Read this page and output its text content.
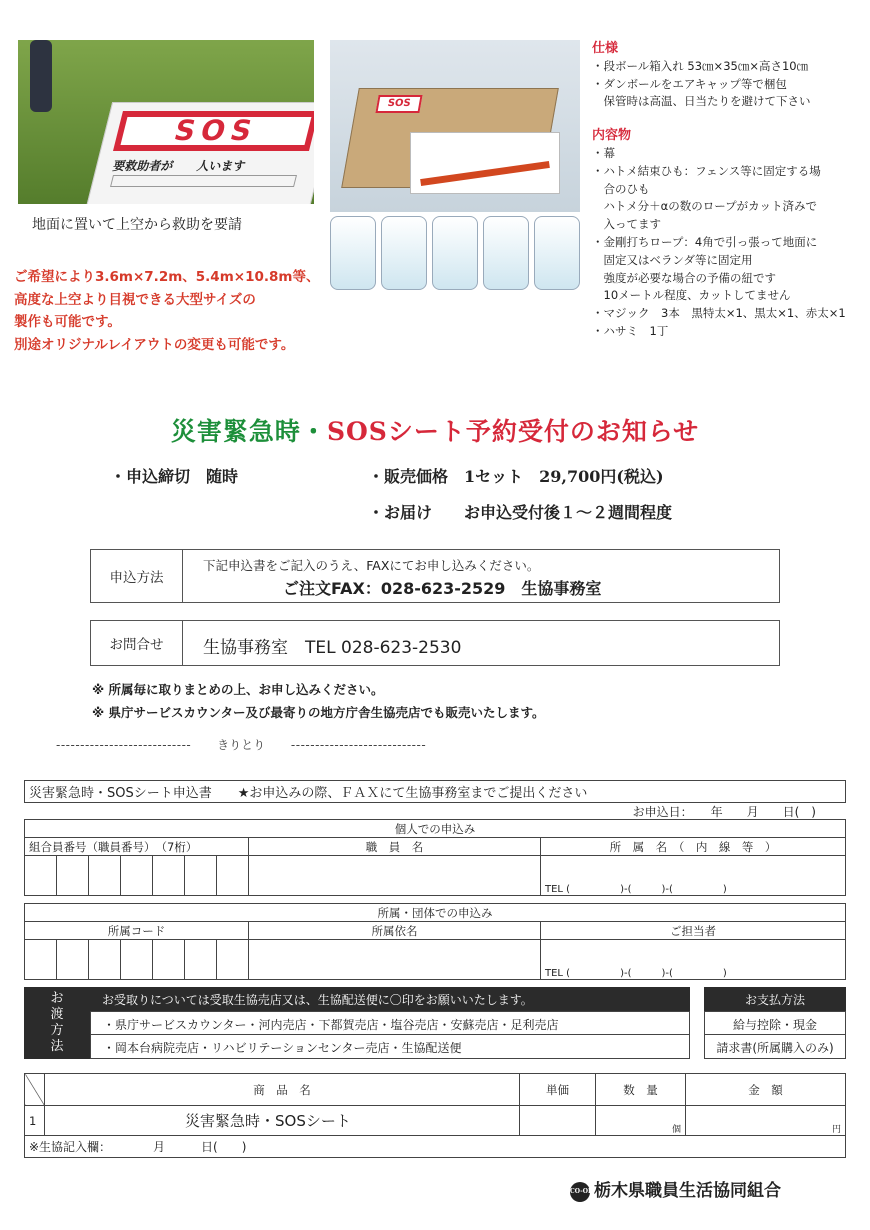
SOS
要救助者が　　人います
地面に置いて上空から救助を要請
ご希望により3.6m×7.2m、5.4m×10.8m等、
高度な上空より目視できる大型サイズの
製作も可能です。
別途オリジナルレイアウトの変更も可能です。
SOS
仕様
・段ボール箱入れ 53㎝×35㎝×高さ10㎝
・ダンボールをエアキャップ等で梱包
　保管時は高温、日当たりを避けて下さい
内容物
・幕
・ハトメ結束ひも：フェンス等に固定する場
　合のひも
　ハトメ分＋αの数のロープがカット済みで
　入ってます
・金剛打ちロープ：4角で引っ張って地面に
　固定又はベランダ等に固定用
　強度が必要な場合の予備の紐です
　10メートル程度、カットしてません
・マジック　3本　黒特太×1、黒太×1、赤太×1
・ハサミ　1丁
災害緊急時・SOSシート予約受付のお知らせ
・申込締切　随時	・販売価格　1セット　29,700円(税込)
・お届け　　お申込受付後１～２週間程度
申込方法
下記申込書をご記入のうえ、FAXにてお申し込みください。
ご注文FAX：028-623-2529　生協事務室
お問合せ	生協事務室　TEL 028-623-2530
※ 所属毎に取りまとめの上、お申し込みください。
※ 県庁サービスカウンター及び最寄りの地方庁舎生協売店でも販売いたします。
---------------------------- きりとり ----------------------------
災害緊急時・SOSシート申込書　　★お申込みの際、ＦＡＸにて生協事務室までご提出ください
お申込日：　　年　　月　　日(　)
個人での申込み								
組合員番号（職員番号）　（7桁）							職　員　名	所　属　名　（　内　線　等　）
								TEL (　　　　　)-(　　　)-(　　　　　)
所属・団体での申込み								
所属コード							所属依名	ご担当者
								TEL (　　　　　)-(　　　)-(　　　　　)
お渡方法
お受取りについては受取生協売店又は、生協配送便に〇印をお願いいたします。
・県庁サービスカウンター・河内売店・下都賀売店・塩谷売店・安蘇売店・足利売店
・岡本台病院売店・リハビリテーションセンター売店・生協配送便
お支払方法
給与控除・現金
請求書(所属購入のみ)
	商　品　名	単価	数　量	金　額
1	災害緊急時・SOSシート		個	円
※生協記入欄：　　　　月　　　日(　　)				
CO-OP栃木県職員生活協同組合
